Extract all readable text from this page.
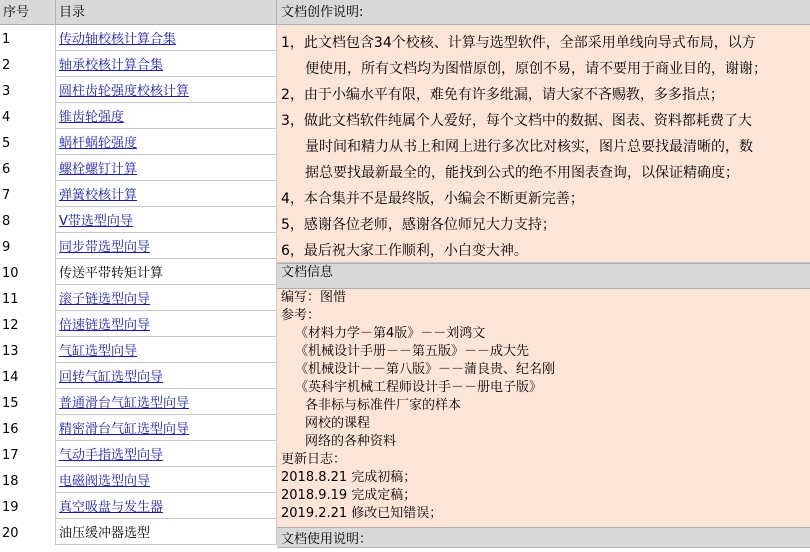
序号	目录	文档创作说明:
1	传动轴校核计算合集
2	轴承校核计算合集
3	圆柱齿轮强度校核计算
4	锥齿轮强度
5	蜗杆蜗轮强度
6	螺栓螺钉计算
7	弹簧校核计算
8	V带选型向导
9	同步带选型向导
10	传送平带转矩计算
11	滚子链选型向导
12	倍速链选型向导
13	气缸选型向导
14	回转气缸选型向导
15	普通滑台气缸选型向导
16	精密滑台气缸选型向导
17	气动手指选型向导
18	电磁阀选型向导
19	真空吸盘与发生器
20	油压缓冲器选型
1，此文档包含34个校核、计算与选型软件，全部采用单线向导式布局，以方
便使用，所有文档均为图惜原创，原创不易，请不要用于商业目的，谢谢；
2，由于小编水平有限，难免有许多纰漏，请大家不吝赐教，多多指点；
3，做此文档软件纯属个人爱好，每个文档中的数据、图表、资料都耗费了大
量时间和精力从书上和网上进行多次比对核实，图片总要找最清晰的，数
据总要找最新最全的，能找到公式的绝不用图表查询，以保证精确度；
4，本合集并不是最终版，小编会不断更新完善；
5，感谢各位老师，感谢各位师兄大力支持；
6，最后祝大家工作顺利，小白变大神。
文档信息
编写：图惜
参考：
《材料力学－第4版》－－刘鸿文
《机械设计手册－－第五版》－－成大先
《机械设计－－第八版》－－蒲良贵、纪名刚
《英科宇机械工程师设计手－－册电子版》
各非标与标准件厂家的样本
网校的课程
网络的各种资料
更新日志：
2018.8.21 完成初稿；
2018.9.19 完成定稿；
2019.2.21 修改已知错误；
文档使用说明：
